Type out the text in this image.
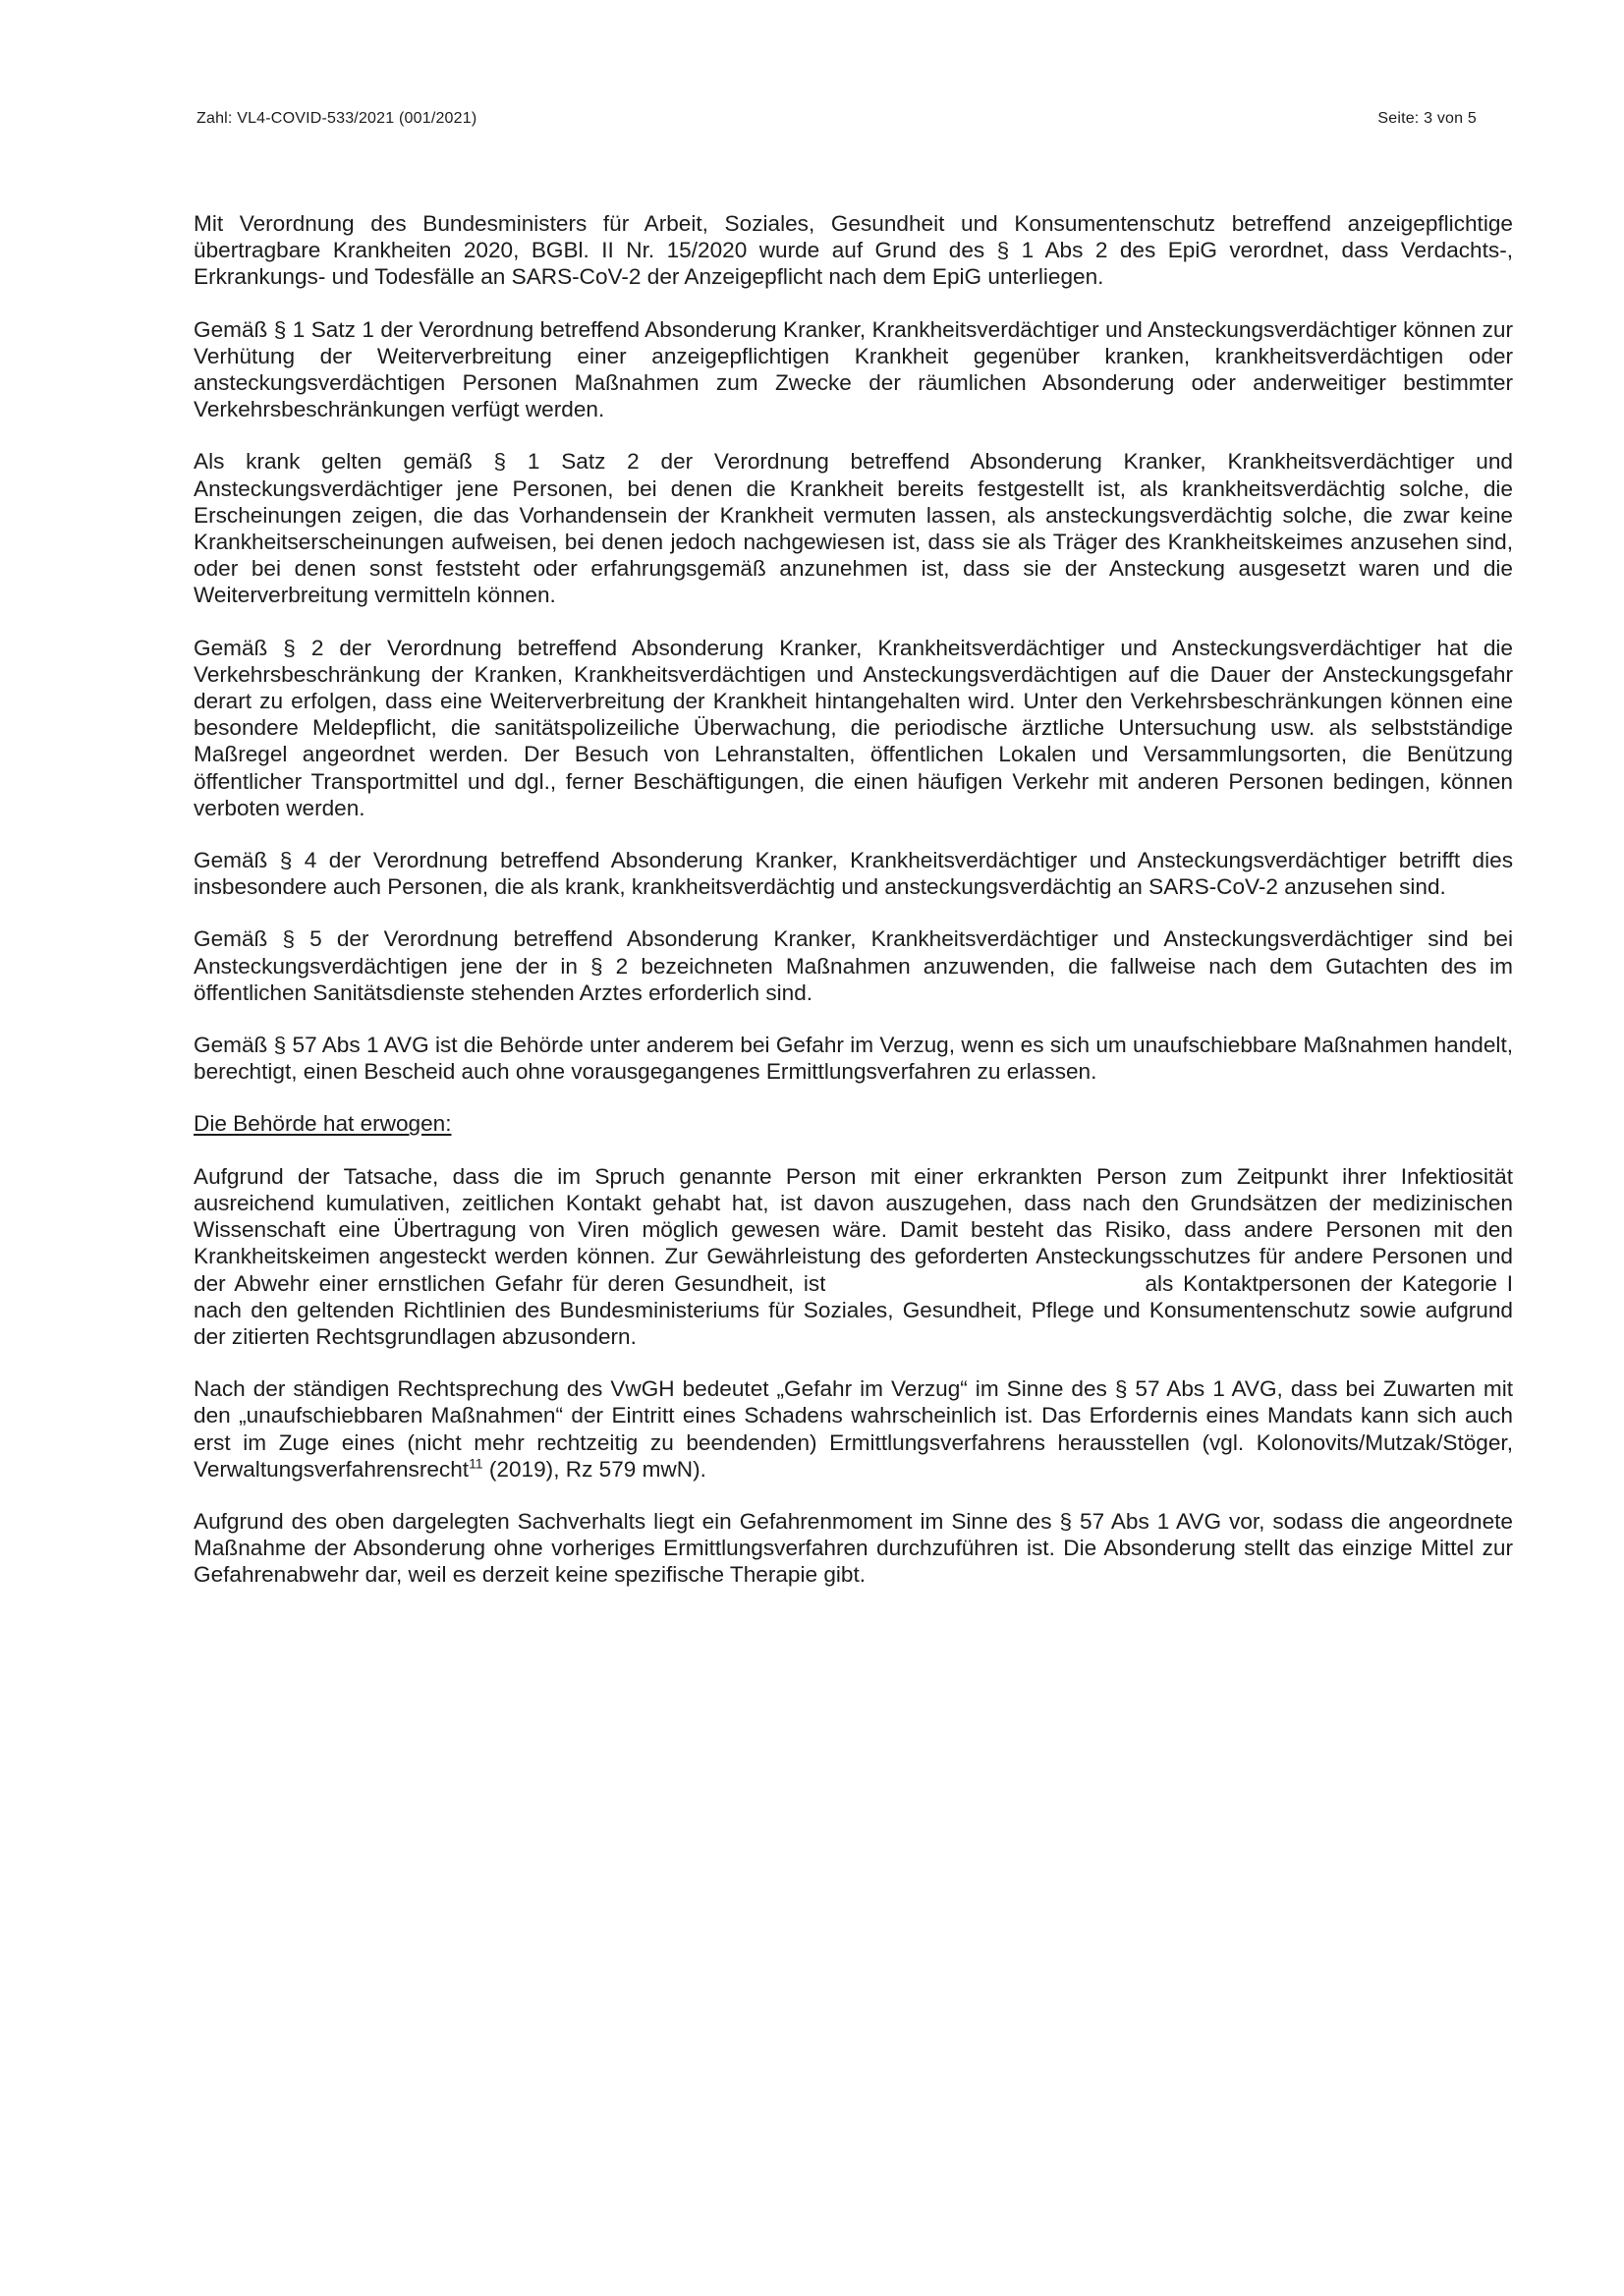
Zahl: VL4-COVID-533/2021 (001/2021)	Seite: 3 von 5

Mit Verordnung des Bundesministers für Arbeit, Soziales, Gesundheit und Konsumentenschutz betreffend anzeigepflichtige übertragbare Krankheiten 2020, BGBl. II Nr. 15/2020 wurde auf Grund des § 1 Abs 2 des EpiG verordnet, dass Verdachts-, Erkrankungs- und Todesfälle an SARS-CoV-2 der Anzeigepflicht nach dem EpiG unterliegen.

Gemäß § 1 Satz 1 der Verordnung betreffend Absonderung Kranker, Krankheitsverdächtiger und Ansteckungsverdächtiger können zur Verhütung der Weiterverbreitung einer anzeigepflichtigen Krankheit gegenüber kranken, krankheitsverdächtigen oder ansteckungsverdächtigen Personen Maßnahmen zum Zwecke der räumlichen Absonderung oder anderweitiger bestimmter Verkehrsbeschränkungen verfügt werden.

Als krank gelten gemäß § 1 Satz 2 der Verordnung betreffend Absonderung Kranker, Krankheitsverdächtiger und Ansteckungsverdächtiger jene Personen, bei denen die Krankheit bereits festgestellt ist, als krankheitsverdächtig solche, die Erscheinungen zeigen, die das Vorhandensein der Krankheit vermuten lassen, als ansteckungsverdächtig solche, die zwar keine Krankheitserscheinungen aufweisen, bei denen jedoch nachgewiesen ist, dass sie als Träger des Krankheitskeimes anzusehen sind, oder bei denen sonst feststeht oder erfahrungsgemäß anzunehmen ist, dass sie der Ansteckung ausgesetzt waren und die Weiterverbreitung vermitteln können.

Gemäß § 2 der Verordnung betreffend Absonderung Kranker, Krankheitsverdächtiger und Ansteckungsverdächtiger hat die Verkehrsbeschränkung der Kranken, Krankheitsverdächtigen und Ansteckungsverdächtigen auf die Dauer der Ansteckungsgefahr derart zu erfolgen, dass eine Weiterverbreitung der Krankheit hintangehalten wird. Unter den Verkehrsbeschränkungen können eine besondere Meldepflicht, die sanitätspolizeiliche Überwachung, die periodische ärztliche Untersuchung usw. als selbstständige Maßregel angeordnet werden. Der Besuch von Lehranstalten, öffentlichen Lokalen und Versammlungsorten, die Benützung öffentlicher Transportmittel und dgl., ferner Beschäftigungen, die einen häufigen Verkehr mit anderen Personen bedingen, können verboten werden.

Gemäß § 4 der Verordnung betreffend Absonderung Kranker, Krankheitsverdächtiger und Ansteckungsverdächtiger betrifft dies insbesondere auch Personen, die als krank, krankheitsverdächtig und ansteckungsverdächtig an SARS-CoV-2 anzusehen sind.

Gemäß § 5 der Verordnung betreffend Absonderung Kranker, Krankheitsverdächtiger und Ansteckungsverdächtiger sind bei Ansteckungsverdächtigen jene der in § 2 bezeichneten Maßnahmen anzuwenden, die fallweise nach dem Gutachten des im öffentlichen Sanitätsdienste stehenden Arztes erforderlich sind.

Gemäß § 57 Abs 1 AVG ist die Behörde unter anderem bei Gefahr im Verzug, wenn es sich um unaufschiebbare Maßnahmen handelt, berechtigt, einen Bescheid auch ohne vorausgegangenes Ermittlungsverfahren zu erlassen.

Die Behörde hat erwogen:

Aufgrund der Tatsache, dass die im Spruch genannte Person mit einer erkrankten Person zum Zeitpunkt ihrer Infektiosität ausreichend kumulativen, zeitlichen Kontakt gehabt hat, ist davon auszugehen, dass nach den Grundsätzen der medizinischen Wissenschaft eine Übertragung von Viren möglich gewesen wäre. Damit besteht das Risiko, dass andere Personen mit den Krankheitskeimen angesteckt werden können. Zur Gewährleistung des geforderten Ansteckungsschutzes für andere Personen und der Abwehr einer ernstlichen Gefahr für deren Gesundheit, ist	als Kontaktpersonen der Kategorie I nach den geltenden Richtlinien des Bundesministeriums für Soziales, Gesundheit, Pflege und Konsumentenschutz sowie aufgrund der zitierten Rechtsgrundlagen abzusondern.

Nach der ständigen Rechtsprechung des VwGH bedeutet „Gefahr im Verzug“ im Sinne des § 57 Abs 1 AVG, dass bei Zuwarten mit den „unaufschiebbaren Maßnahmen“ der Eintritt eines Schadens wahrscheinlich ist. Das Erfordernis eines Mandats kann sich auch erst im Zuge eines (nicht mehr rechtzeitig zu beendenden) Ermittlungsverfahrens herausstellen (vgl. Kolonovits/Mutzak/Stöger, Verwaltungsverfahrensrecht$^{11}$ (2019), Rz 579 mwN).

Aufgrund des oben dargelegten Sachverhalts liegt ein Gefahrenmoment im Sinne des § 57 Abs 1 AVG vor, sodass die angeordnete Maßnahme der Absonderung ohne vorheriges Ermittlungsverfahren durchzuführen ist. Die Absonderung stellt das einzige Mittel zur Gefahrenabwehr dar, weil es derzeit keine spezifische Therapie gibt.
